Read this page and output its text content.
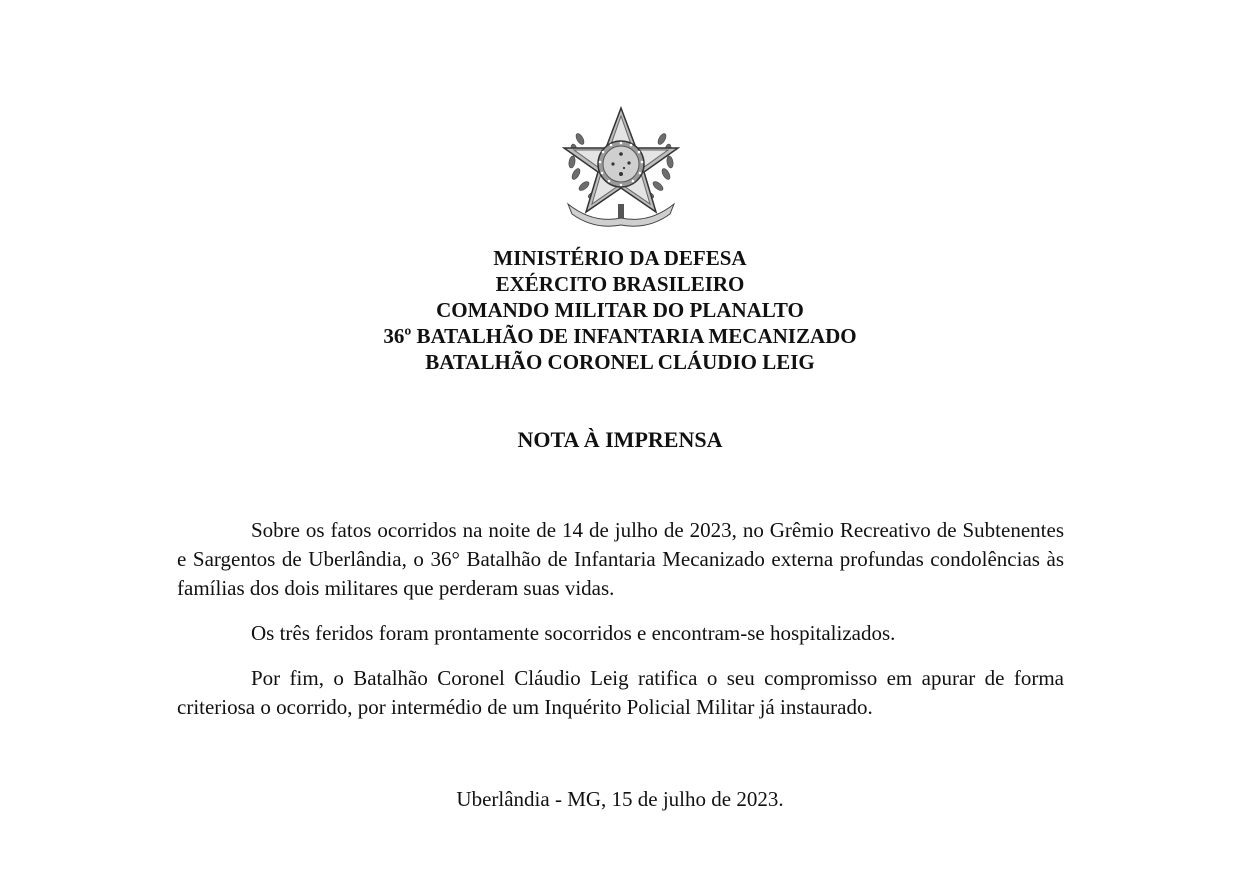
MINISTÉRIO DA DEFESA
EXÉRCITO BRASILEIRO
COMANDO MILITAR DO PLANALTO
36º BATALHÃO DE INFANTARIA MECANIZADO
BATALHÃO CORONEL CLÁUDIO LEIG
NOTA À IMPRENSA

Sobre os fatos ocorridos na noite de 14 de julho de 2023, no Grêmio Recreativo de Subtenentes e Sargentos de Uberlândia, o 36° Batalhão de Infantaria Mecanizado externa profundas condolências às famílias dos dois militares que perderam suas vidas.

Os três feridos foram prontamente socorridos e encontram-se hospitalizados.

Por fim, o Batalhão Coronel Cláudio Leig ratifica o seu compromisso em apurar de forma criteriosa o ocorrido, por intermédio de um Inquérito Policial Militar já instaurado.

Uberlândia - MG, 15 de julho de 2023.
